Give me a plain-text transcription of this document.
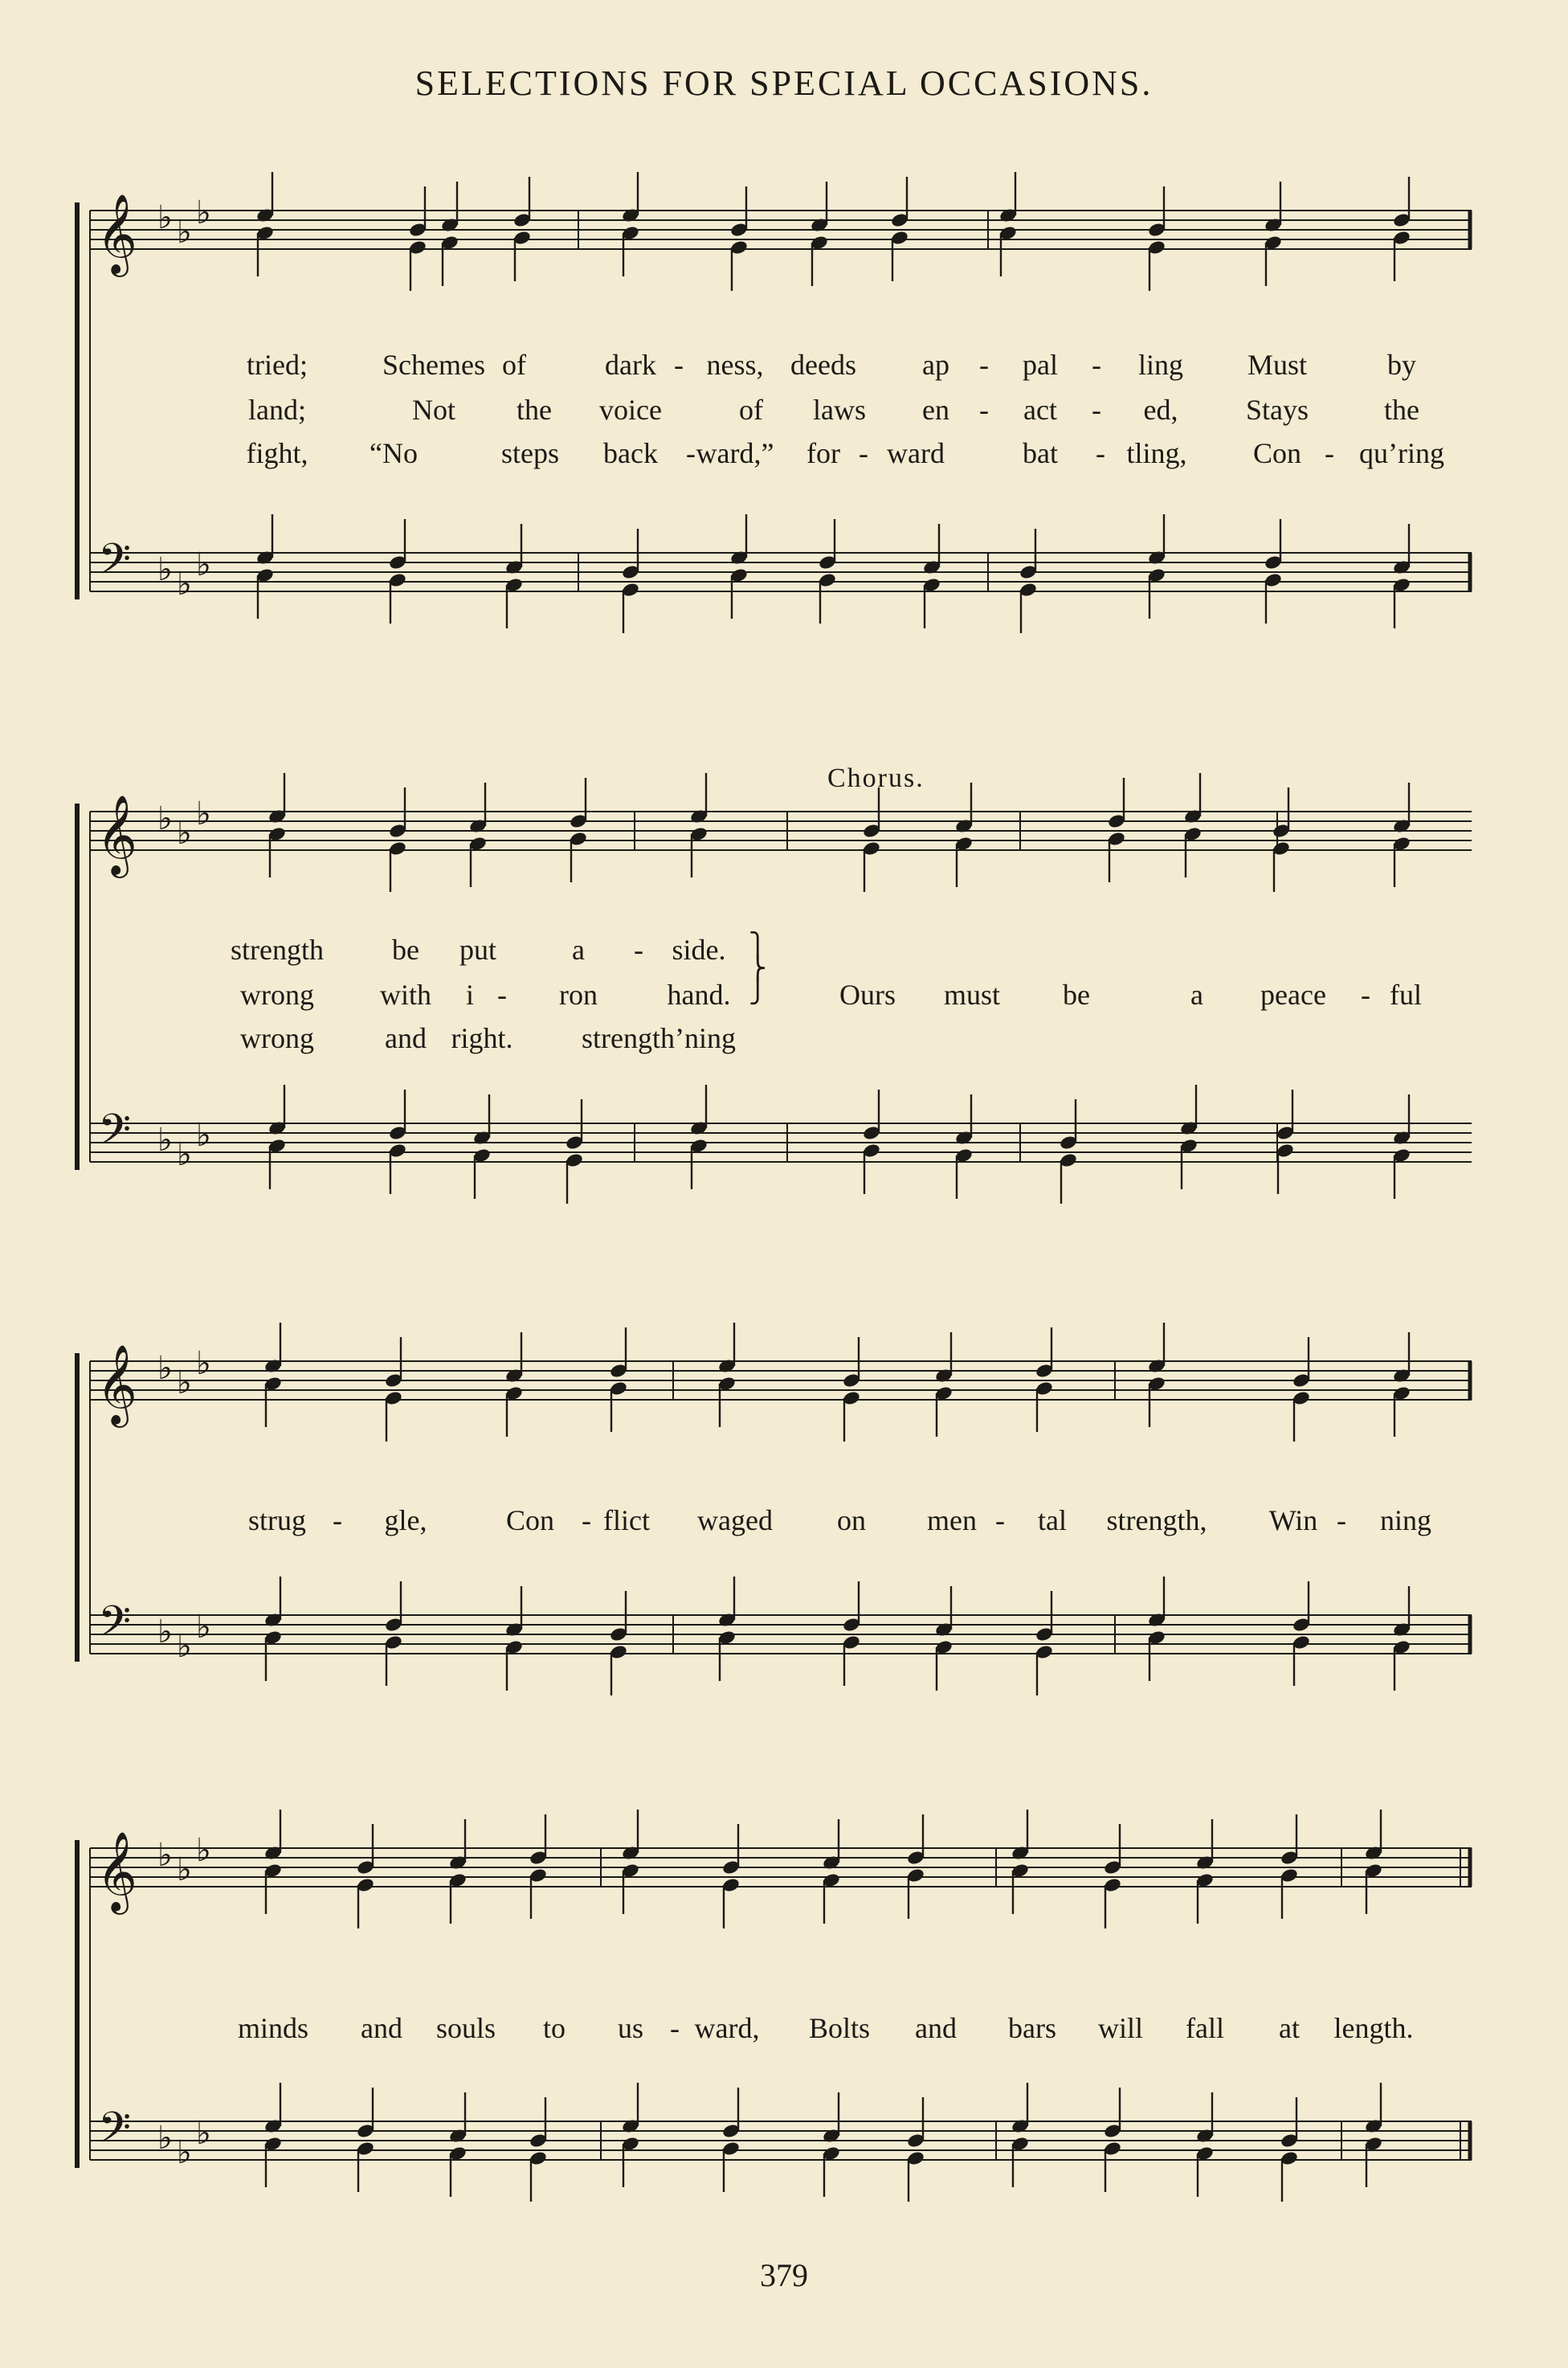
SELECTIONS FOR SPECIAL OCCASIONS.
𝄞
𝄢
♭
♭
♭
♭
♭
♭
𝄞
𝄢
♭
♭
♭
♭
♭
♭
𝄞
𝄢
♭
♭
♭
♭
♭
♭
𝄞
𝄢
♭
♭
♭
♭
♭
♭
tried;	Schemes of	dark - ness, deeds ap - pal - ling Must	by
land;	Not the voice	of laws en - act - ed, Stays	the
fight, “No	steps back - ward,” for - ward	bat - tling, Con - qu’ring
strength be put	a - side.
wrong with i - ron hand.
wrong and	strength’ning
right.
Ours must be	a peace - ful
Chorus.
⎫
⎬
⎭
strug - gle,	Con - flict waged on men - tal strength, Win - ning
minds and souls to us - ward, Bolts and bars will fall at length.
379
